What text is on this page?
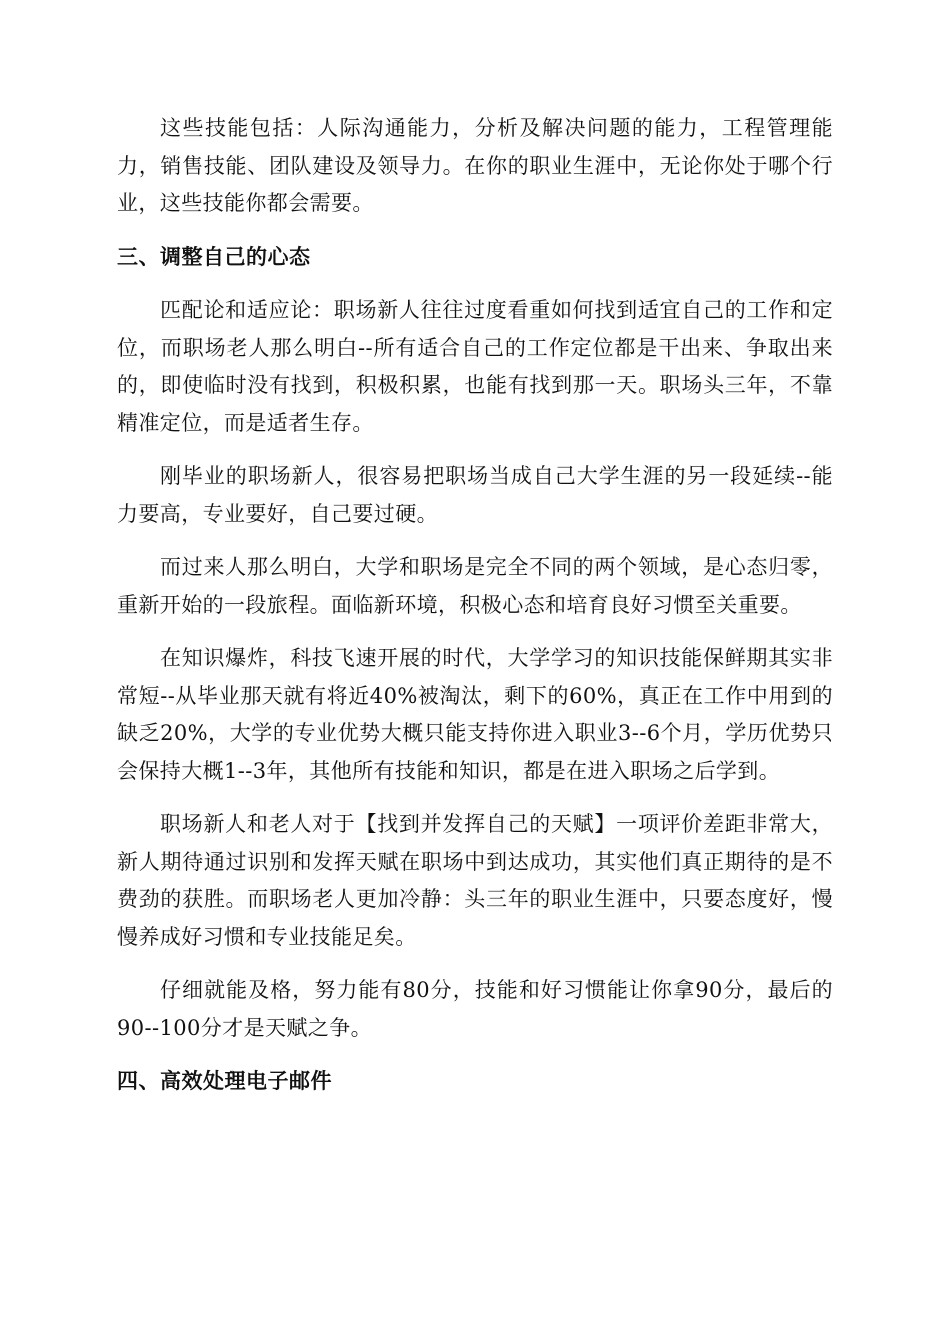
这些技能包括：人际沟通能力，分析及解决问题的能力，工程管理能力，销售技能、团队建设及领导力。在你的职业生涯中，无论你处于哪个行业，这些技能你都会需要。

三、调整自己的心态

匹配论和适应论：职场新人往往过度看重如何找到适宜自己的工作和定位，而职场老人那么明白--所有适合自己的工作定位都是干出来、争取出来的，即使临时没有找到，积极积累，也能有找到那一天。职场头三年，不靠精准定位，而是适者生存。

刚毕业的职场新人，很容易把职场当成自己大学生涯的另一段延续--能力要高，专业要好，自己要过硬。

而过来人那么明白，大学和职场是完全不同的两个领域，是心态归零，重新开始的一段旅程。面临新环境，积极心态和培育良好习惯至关重要。

在知识爆炸，科技飞速开展的时代，大学学习的知识技能保鲜期其实非常短--从毕业那天就有将近40%被淘汰，剩下的60%，真正在工作中用到的缺乏20%，大学的专业优势大概只能支持你进入职业3--6个月，学历优势只会保持大概1--3年，其他所有技能和知识，都是在进入职场之后学到。

职场新人和老人对于【找到并发挥自己的天赋】一项评价差距非常大，新人期待通过识别和发挥天赋在职场中到达成功，其实他们真正期待的是不费劲的获胜。而职场老人更加冷静：头三年的职业生涯中，只要态度好，慢慢养成好习惯和专业技能足矣。

仔细就能及格，努力能有80分，技能和好习惯能让你拿90分，最后的90--100分才是天赋之争。

四、高效处理电子邮件
